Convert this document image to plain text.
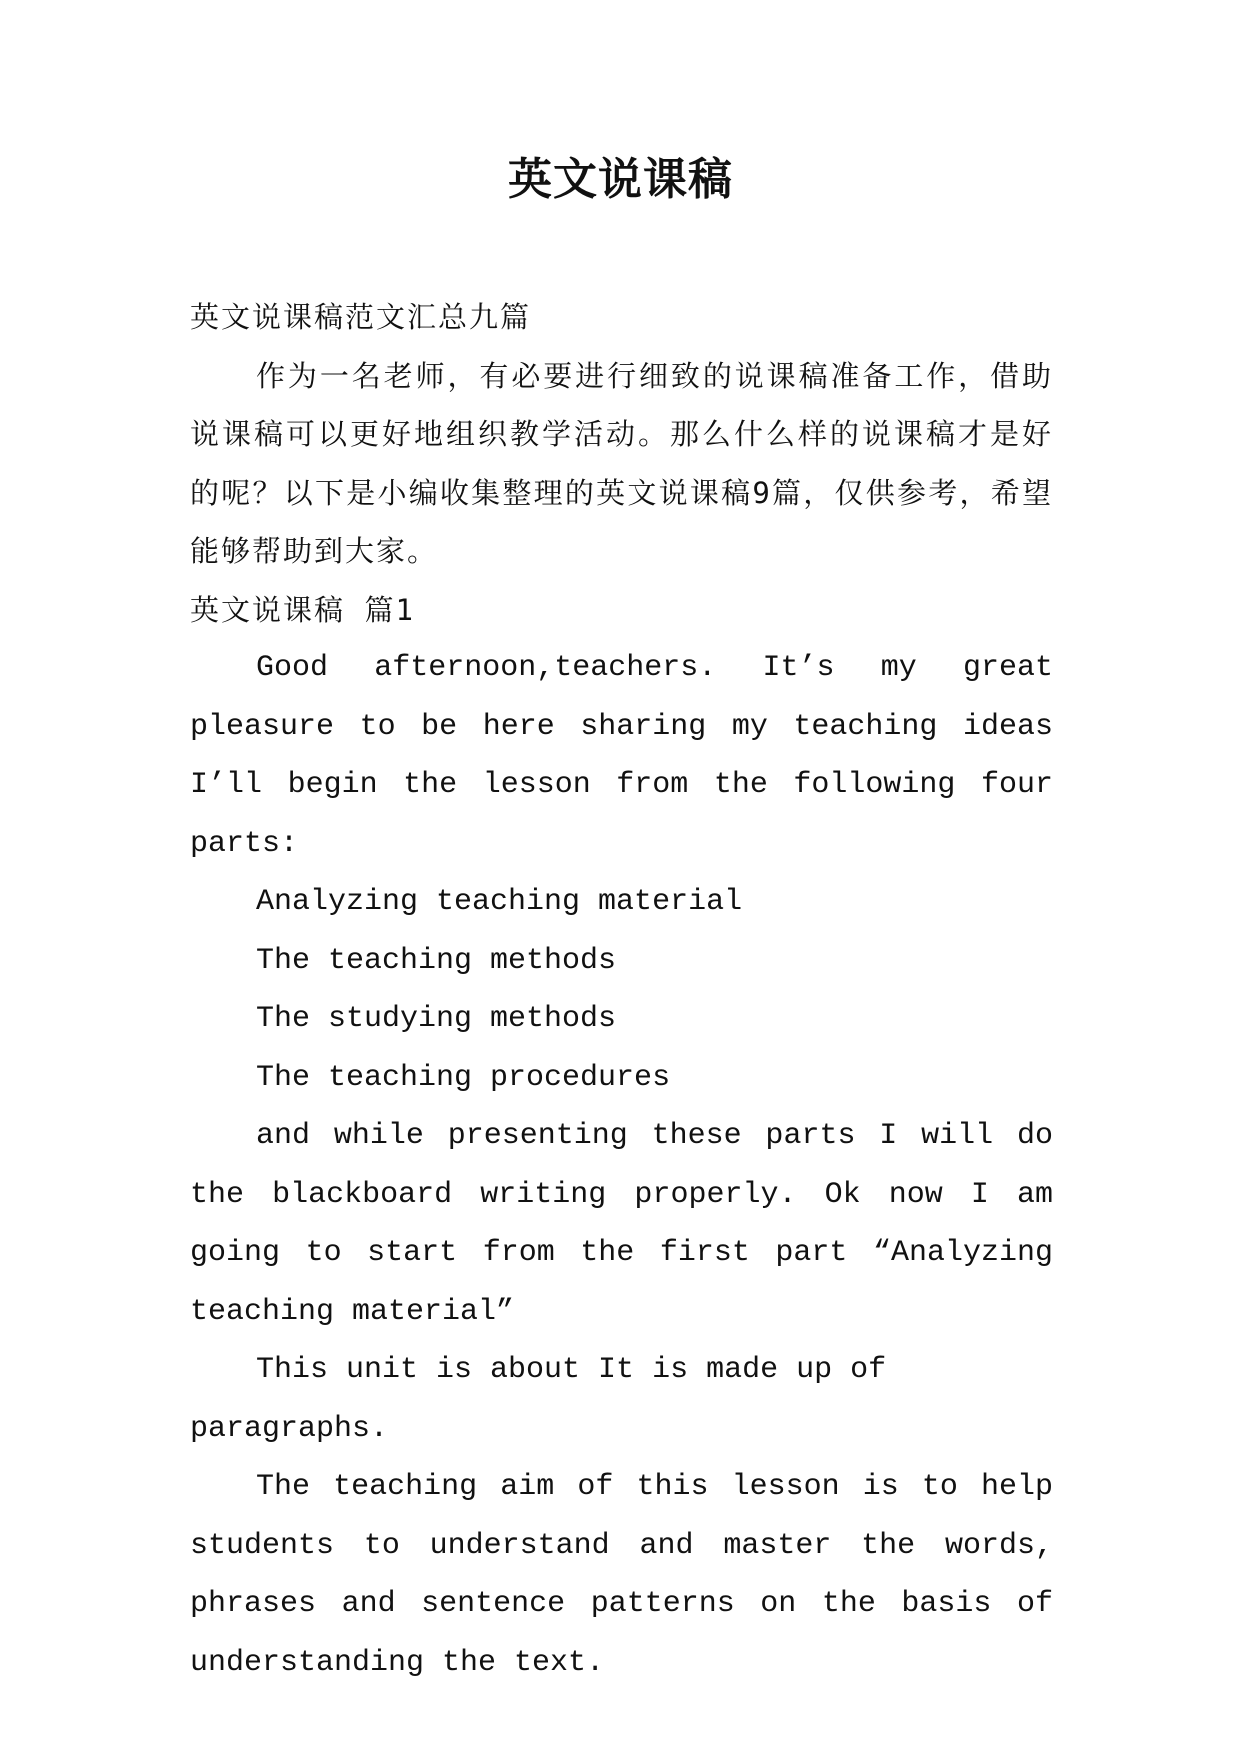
英文说课稿

英文说课稿范文汇总九篇

作为一名老师，有必要进行细致的说课稿准备工作，借助说课稿可以更好地组织教学活动。那么什么样的说课稿才是好的呢？以下是小编收集整理的英文说课稿9篇，仅供参考，希望能够帮助到大家。

英文说课稿 篇1

Good afternoon,teachers. It’s my great pleasure to be here sharing my teaching ideas I’ll begin the lesson from the following four parts:

Analyzing teaching material

The teaching methods

The studying methods

The teaching procedures

and while presenting these parts I will do the blackboard writing properly. Ok now I am going to start from the first part “Analyzing teaching material”

This unit is about It is made up of paragraphs.

The teaching aim of this lesson is to help students to understand and master the words, phrases and sentence patterns on the basis of understanding the text.
